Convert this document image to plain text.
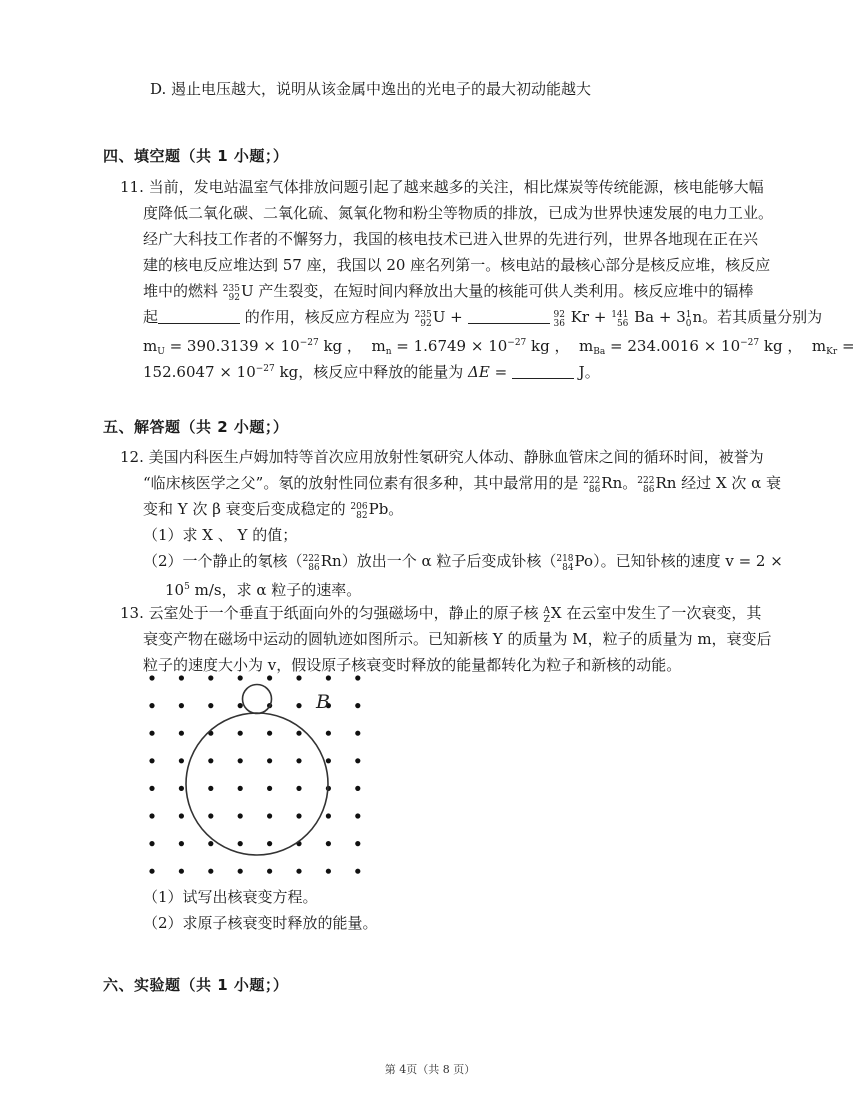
D. 遏止电压越大，说明从该金属中逸出的光电子的最大初动能越大
四、填空题（共 1 小题；）
11. 当前，发电站温室气体排放问题引起了越来越多的关注，相比煤炭等传统能源，核电能够大幅
度降低二氧化碳、二氧化硫、氮氧化物和粉尘等物质的排放，已成为世界快速发展的电力工业。
经广大科技工作者的不懈努力，我国的核电技术已进入世界的先进行列，世界各地现在正在兴
建的核电反应堆达到 57 座，我国以 20 座名列第一。核电站的最核心部分是核反应堆，核反应
堆中的燃料 235
92 U 产生裂变，在短时间内释放出大量的核能可供人类利用。核反应堆中的镉棒
起	的作用，核反应方程应为 235
92 U +	92
36 Kr + 141
56 Ba + 3 1
0 n。若其质量分别为
$m_U = 390.3139 \times 10^{-27}$ kg ，  $m_n = 1.6749 \times 10^{-27}$ kg ，  $m_{Ba} = 234.0016 \times 10^{-27}$ kg ，  $m_{Kr}$ =
$152.6047 \times 10^{-27}$ kg，核反应中释放的能量为 ΔE =	J。
五、解答题（共 2 小题；）
12. 美国内科医生卢姆加特等首次应用放射性氡研究人体动、静脉血管床之间的循环时间，被誉为
“临床核医学之父”。氡的放射性同位素有很多种，其中最常用的是 222
86 Rn。 222
86 Rn 经过 X 次 α 衰
变和 Y 次 β 衰变后变成稳定的 206
82 Pb。
（1）求 X 、 Y 的值；
（2）一个静止的氡核（ 222
86 Rn）放出一个 α 粒子后变成钋核（ 218
84 Po）。已知钋核的速度 v = 2 ×
$10^5$ m/s，求 α 粒子的速率。
13. 云室处于一个垂直于纸面向外的匀强磁场中，静止的原子核 A
Z X 在云室中发生了一次衰变，其
衰变产物在磁场中运动的圆轨迹如图所示。已知新核 Y 的质量为 M，粒子的质量为 m，衰变后
粒子的速度大小为 v，假设原子核衰变时释放的能量都转化为粒子和新核的动能。
B
（1）试写出核衰变方程。
（2）求原子核衰变时释放的能量。
六、实验题（共 1 小题；）
第 4页（共 8 页）
